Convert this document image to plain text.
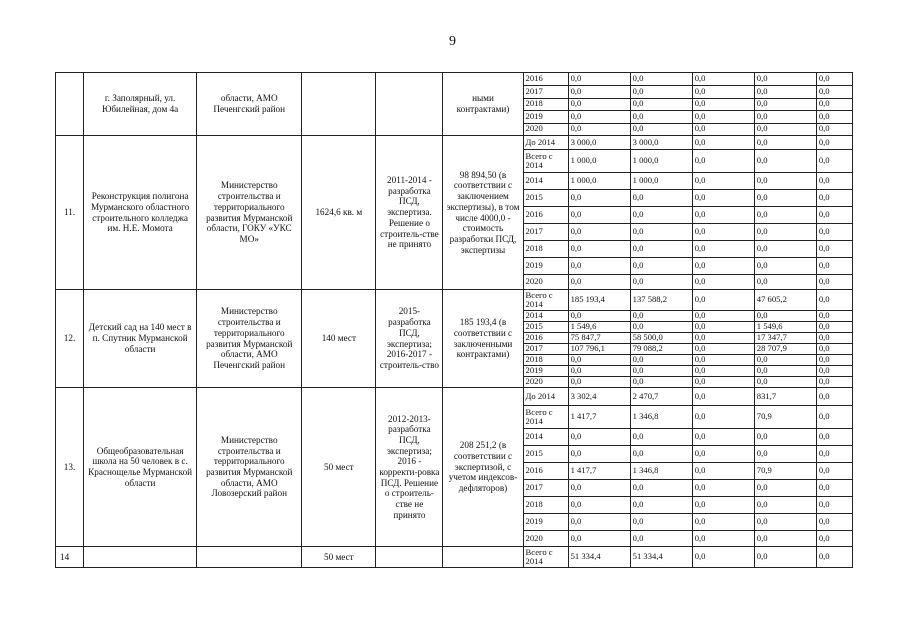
9
	г. Заполярный, ул. Юбилейная, дом 4а	области, АМО Печенгский район			ными контрактами)	2016	0,0	0,0	0,0	0,0	0,0
						2017	0,0	0,0	0,0	0,0	0,0
						2018	0,0	0,0	0,0	0,0	0,0
						2019	0,0	0,0	0,0	0,0	0,0
						2020	0,0	0,0	0,0	0,0	0,0
11.	Реконструкция полигона Мурманского областного строительного колледжа им. Н.Е. Момота	Министерство строительства и территориального развития Мурманской области, ГОКУ «УКС МО»	1624,6 кв. м	2011-2014 - разработка ПСД, экспертиза. Решение о строитель-стве не принято	98 894,50 (в соответствии с заключением экспертизы), в том числе 4000,0 - стоимость разработки ПСД, экспертизы	До 2014	3 000,0	3 000,0	0,0	0,0	0,0
						Всего с 2014	1 000,0	1 000,0	0,0	0,0	0,0
						2014	1 000,0	1 000,0	0,0	0,0	0,0
						2015	0,0	0,0	0,0	0,0	0,0
						2016	0,0	0,0	0,0	0,0	0,0
						2017	0,0	0,0	0,0	0,0	0,0
						2018	0,0	0,0	0,0	0,0	0,0
						2019	0,0	0,0	0,0	0,0	0,0
						2020	0,0	0,0	0,0	0,0	0,0
12.	Детский сад на 140 мест в п. Спутник Мурманской области	Министерство строительства и территориального развития Мурманской области, АМО Печенгский район	140 мест	2015- разработка ПСД, экспертиза; 2016-2017 - строитель-ство	185 193,4 (в соответствии с заключенными контрактами)	Всего с 2014	185 193,4	137 588,2	0,0	47 605,2	0,0
						2014	0,0	0,0	0,0	0,0	0,0
						2015	1 549,6	0,0	0,0	1 549,6	0,0
						2016	75 847,7	58 500,0	0,0	17 347,7	0,0
						2017	107 796,1	79 088,2	0,0	28 707,9	0,0
						2018	0,0	0,0	0,0	0,0	0,0
						2019	0,0	0,0	0,0	0,0	0,0
						2020	0,0	0,0	0,0	0,0	0,0
13.	Общеобразовательная школа на 50 человек в с. Краснощелье Мурманской области	Министерство строительства и территориального развития Мурманской области, АМО Ловозерский район	50 мест	2012-2013- разработка ПСД, экспертиза; 2016 - корректи-ровка ПСД. Решение о строитель-стве не принято	208 251,2 (в соответствии с экспертизой, с учетом индексов-дефляторов)	До 2014	3 302,4	2 470,7	0,0	831,7	0,0
						Всего с 2014	1 417,7	1 346,8	0,0	70,9	0,0
						2014	0,0	0,0	0,0	0,0	0,0
						2015	0,0	0,0	0,0	0,0	0,0
						2016	1 417,7	1 346,8	0,0	70,9	0,0
						2017	0,0	0,0	0,0	0,0	0,0
						2018	0,0	0,0	0,0	0,0	0,0
						2019	0,0	0,0	0,0	0,0	0,0
						2020	0,0	0,0	0,0	0,0	0,0
14			50 мест			Всего с 2014	51 334,4	51 334,4	0,0	0,0	0,0
